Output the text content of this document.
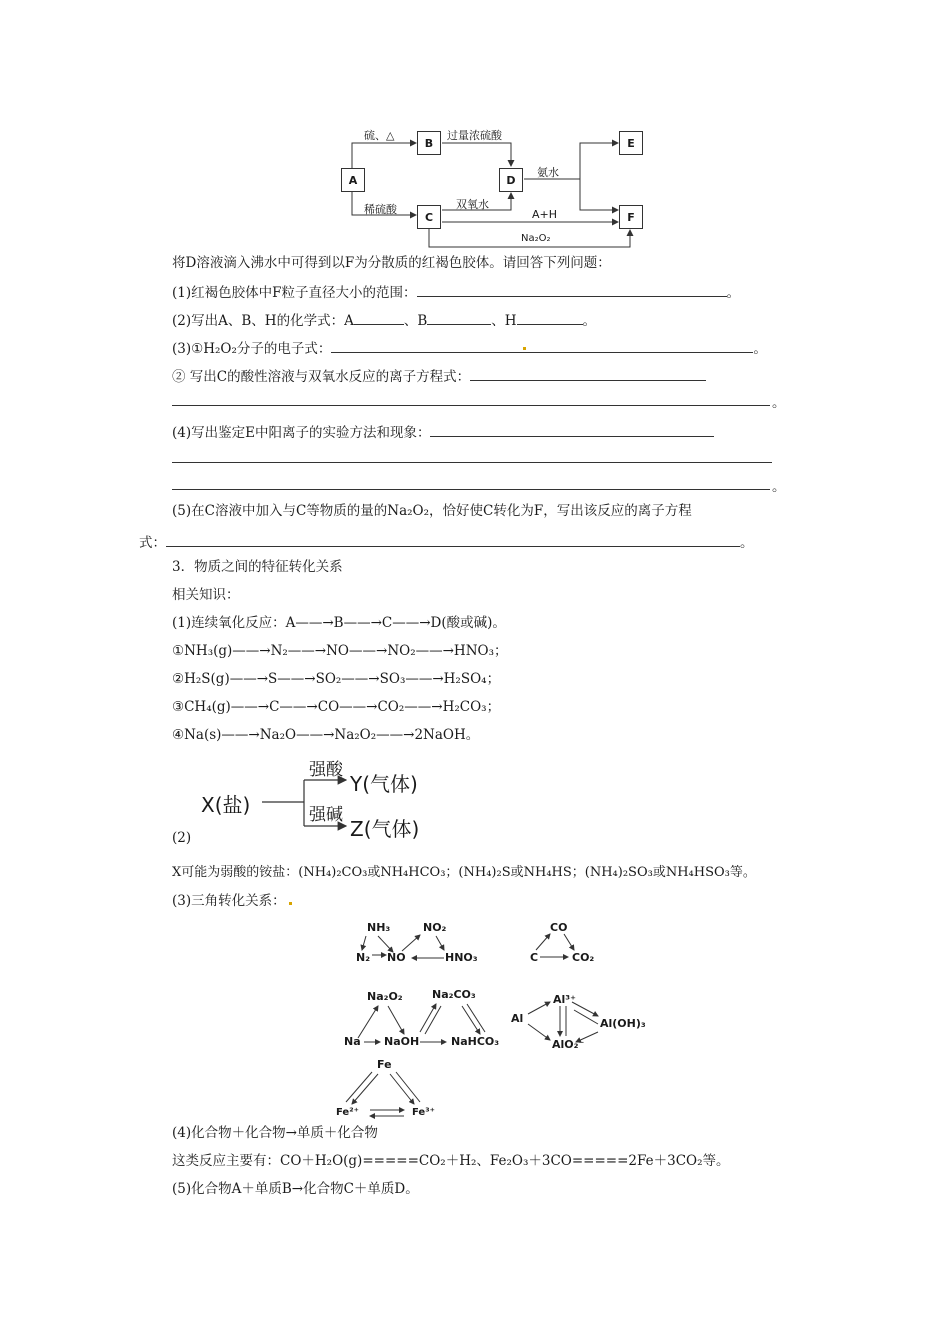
A
B
C
D
E
F
硫、△	过量浓硫酸
氨水
稀硫酸	双氧水
A+H
Na₂O₂
将D溶液滴入沸水中可得到以F为分散质的红褐色胶体。请回答下列问题：
(1)红褐色胶体中F粒子直径大小的范围：	。
(2)写出A、B、H的化学式：A	、B	、H	。
(3)①H₂O₂分子的电子式：	。
② 写出C的酸性溶液与双氧水反应的离子方程式：
。
(4)写出鉴定E中阳离子的实验方法和现象：
。
(5)在C溶液中加入与C等物质的量的Na₂O₂，恰好使C转化为F，写出该反应的离子方程
式：	。
3．物质之间的特征转化关系
相关知识：
(1)连续氧化反应：A——→B——→C——→D(酸或碱)。
①NH₃(g)——→N₂——→NO——→NO₂——→HNO₃；
②H₂S(g)——→S——→SO₂——→SO₃——→H₂SO₄；
③CH₄(g)——→C——→CO——→CO₂——→H₂CO₃；
④Na(s)——→Na₂O——→Na₂O₂——→2NaOH。
X(盐)
强酸
强碱
Y(气体)
Z(气体)
(2)
X可能为弱酸的铵盐：(NH₄)₂CO₃或NH₄HCO₃；(NH₄)₂S或NH₄HS；(NH₄)₂SO₃或NH₄HSO₃等。
(3)三角转化关系：
NH₃	NO₂
N₂ NO	HNO₃
CO
C	CO₂
Na₂O₂	Na₂CO₃
Na NaOH	NaHCO₃
Al³⁺
Al	Al(OH)₃
AlO₂⁻
Fe
Fe²⁺	Fe³⁺
(4)化合物＋化合物→单质＋化合物
这类反应主要有：CO＋H₂O(g)=====CO₂＋H₂、Fe₂O₃＋3CO=====2Fe＋3CO₂等。
(5)化合物A＋单质B→化合物C＋单质D。
